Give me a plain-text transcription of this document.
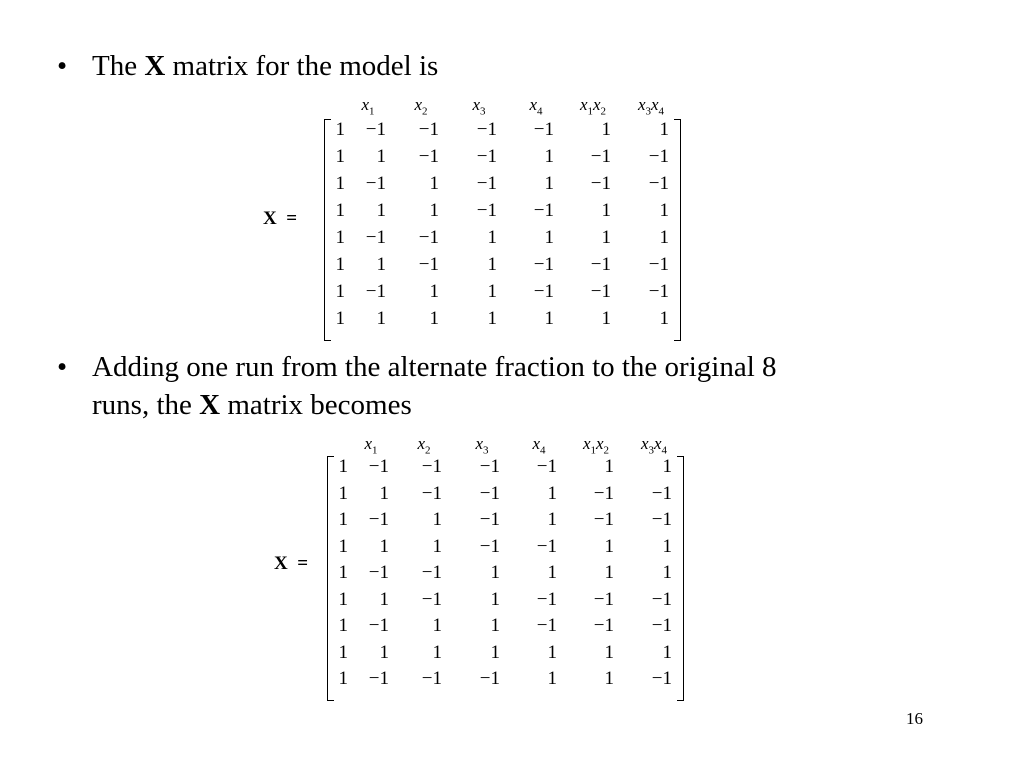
• The X matrix for the model is
X  =
$x_1$	$x_2$	$x_3$	$x_4$	$x_1x_2$	$x_3x_4$
1	−1	−1	−1	−1	1	1
1	1	−1	−1	1	−1	−1
1	−1	1	−1	1	−1	−1
1	1	1	−1	−1	1	1
1	−1	−1	1	1	1	1
1	1	−1	1	−1	−1	−1
1	−1	1	1	−1	−1	−1
1	1	1	1	1	1	1
• Adding one run from the alternate fraction to the original 8
runs, the X matrix becomes
X  =
$x_1$	$x_2$	$x_3$	$x_4$	$x_1x_2$	$x_3x_4$
1	−1	−1	−1	−1	1	1
1	1	−1	−1	1	−1	−1
1	−1	1	−1	1	−1	−1
1	1	1	−1	−1	1	1
1	−1	−1	1	1	1	1
1	1	−1	1	−1	−1	−1
1	−1	1	1	−1	−1	−1
1	1	1	1	1	1	1
1	−1	−1	−1	1	1	−1
16
